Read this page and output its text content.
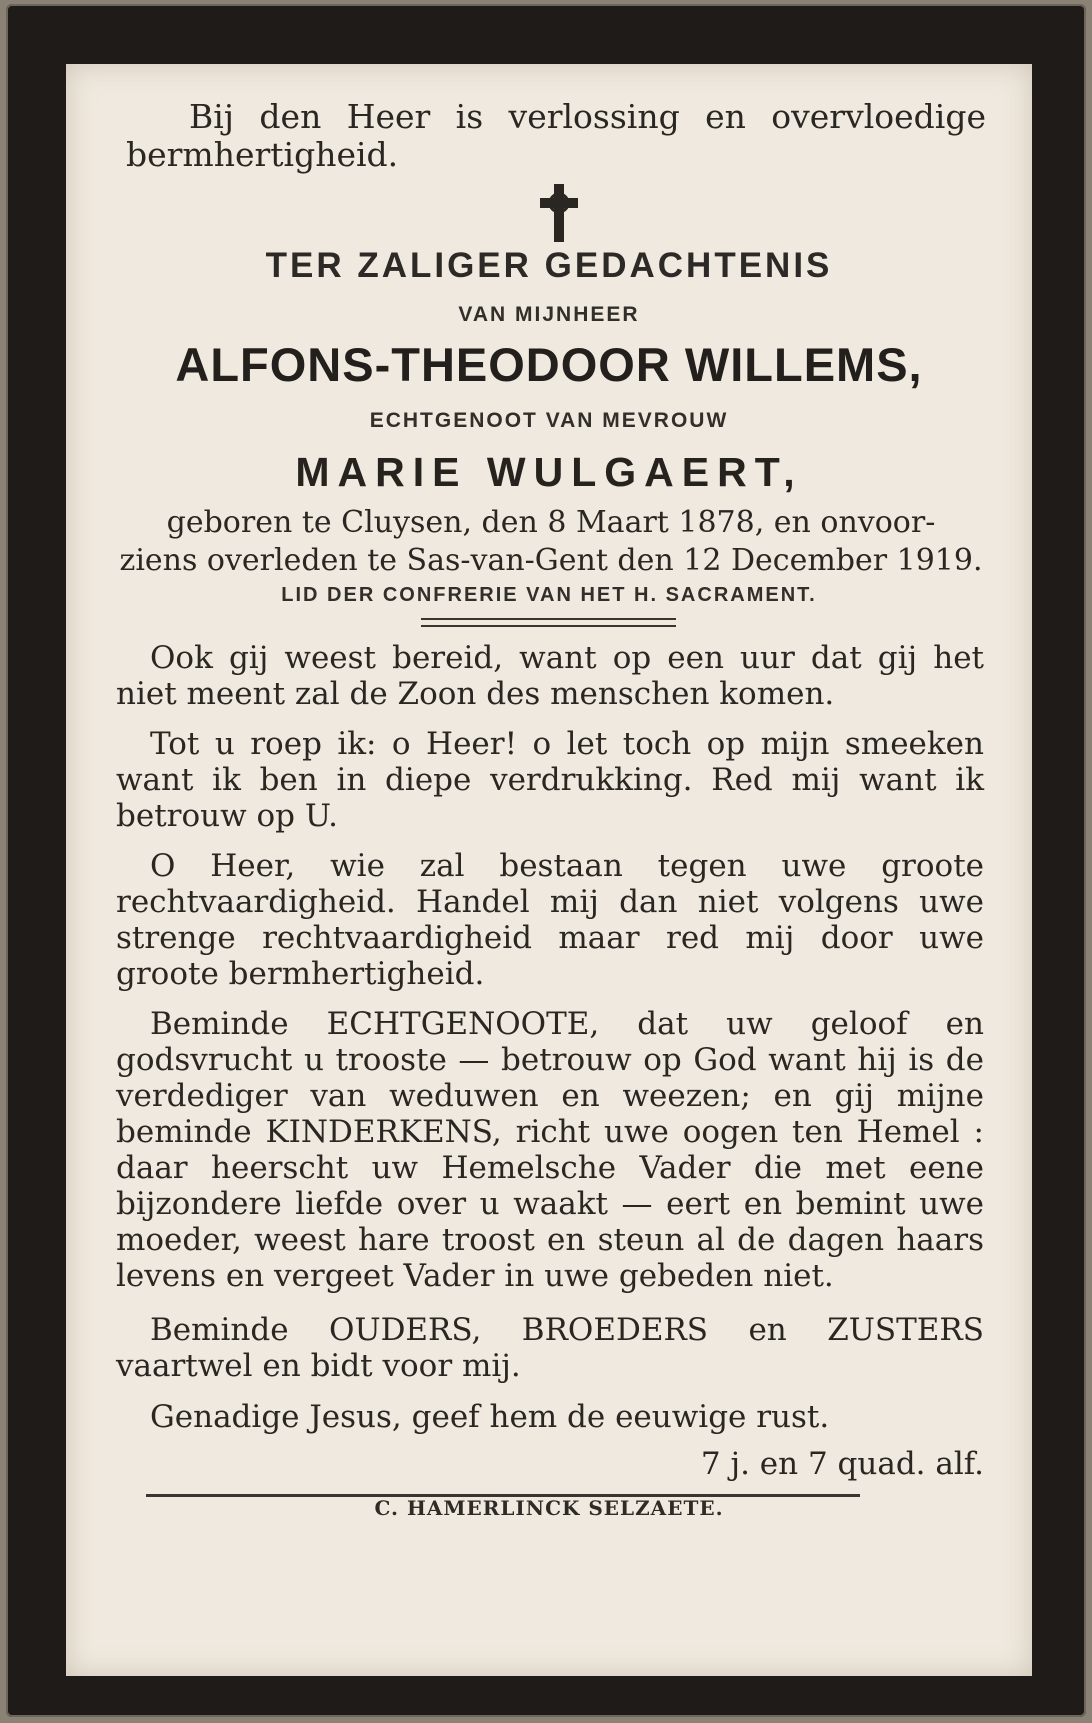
Bij den Heer is verlossing en overvloedige bermhertigheid.
TER ZALIGER GEDACHTENIS
VAN MIJNHEER
ALFONS-THEODOOR WILLEMS,
ECHTGENOOT VAN MEVROUW
MARIE WULGAERT,
geboren te Cluysen, den 8 Maart 1878, en onvoor-
ziens overleden te Sas-van-Gent den 12 December 1919.
LID DER CONFRERIE VAN HET H. SACRAMENT.
Ook gij weest bereid, want op een uur dat gij het niet meent zal de Zoon des menschen komen.
Tot u roep ik: o Heer! o let toch op mijn smeeken want ik ben in diepe verdrukking. Red mij want ik betrouw op U.
O Heer, wie zal bestaan tegen uwe groote rechtvaardigheid. Handel mij dan niet volgens uwe strenge rechtvaardigheid maar red mij door uwe groote bermhertigheid.
Beminde ECHTGENOOTE, dat uw geloof en godsvrucht u trooste — betrouw op God want hij is de verdediger van weduwen en weezen; en gij mijne beminde KINDERKENS, richt uwe oogen ten Hemel : daar heerscht uw Hemelsche Vader die met eene bijzondere liefde over u waakt — eert en bemint uwe moeder, weest hare troost en steun al de dagen haars levens en vergeet Vader in uwe gebeden niet.
Beminde OUDERS, BROEDERS en ZUSTERS vaartwel en bidt voor mij.
Genadige Jesus, geef hem de eeuwige rust.
7 j. en 7 quad. alf.
C. HAMERLINCK SELZAETE.
